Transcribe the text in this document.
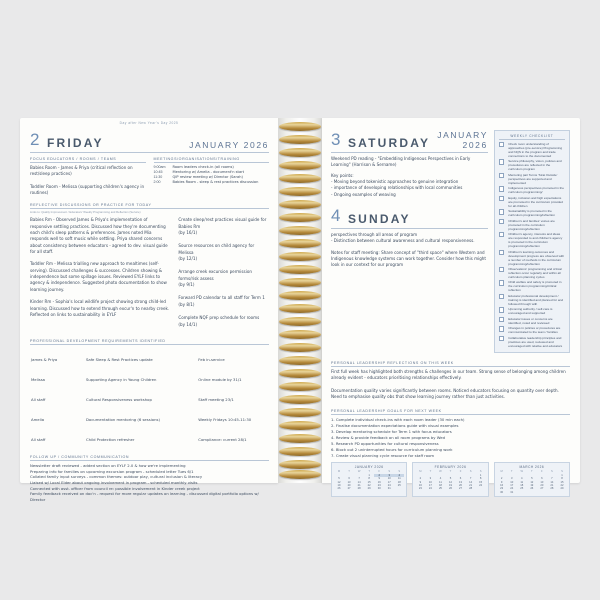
Day after New Year's Day 2025
2 FRIDAY	JANUARY 2026
FOCUS EDUCATORS / ROOMS / TEAMS
Babies Room - James & Priya (critical reflection on rest/sleep practices)
Toddler Room - Melissa (supporting children's agency in routines)
MEETINGS/ORGANISATIONS/TRAINING
9:00am	Room leaders check-in (all rooms)
10:45	Mentoring w/ Amelia - document'n start
11:30	QIP review meeting w/ Director (Sarah)
2:00	Babies Room - sleep & rest practices discussion
REFLECTIVE DISCUSSIONS OR PRACTICE FOR TODAY
Links to: Quality Improvement / Educators' Weekly Programming and Reflection (Service)
Babies Rm - Observed James & Priya's implementation of responsive settling practices. Discussed how they're documenting each child's sleep patterns & preferences. James noted Mia responds well to soft music while settling. Priya shared concerns about consistency between educators - agreed to dev. visual guide for all staff.
Toddler Rm - Melissa trialling new approach to mealtimes (self-serving). Discussed challenges & successes. Children showing & independence but some spillage issues. Reviewed EYLF links to agency & independence. Suggested photo documentation to show learning journey.
Kinder Rm - Sophia's local wildlife project showing strong child-led learning. Discussed how to extend through excur'n to nearby creek. Reflected on links to sustainability in EYLF
Create sleep/rest practices visual guide for Babies Rm
(by 16/1)
Source resources on child agency for Melissa
(by 12/1)
Arrange creek excursion permission forms/risk assess
(by 9/1)
Forward PD calendar to all staff for Term 1
(by 8/1)
Complete NQF prep schedule for rooms
(by 14/1)
PROFESSIONAL DEVELOPMENT REQUIREMENTS IDENTIFIED
James & Priya	Safe Sleep & Rest Practices update	Feb in-service
Melissa	Supporting Agency in Young Children	Online module by 31/1
All staff	Cultural Responsiveness workshop	Staff meeting 23/1
Amelia	Documentation mentoring (6 sessions)	Weekly Fridays 10:45-11:30
All staff	Child Protection refresher	Compliance: current 28/1
FOLLOW UP / COMMUNITY COMMUNICATION
Newsletter draft reviewed - added section on EYLF 2.0 & how we're implementing
Preparing info for families on upcoming excursion program - scheduled letter Tues 6/1
Collated family input surveys - common themes: outdoor play, cultural inclusion & literacy
Liaised w/ Local Elder about ongoing involvement in program - scheduled monthly visits
Connected with asst. officer from council re: possible involvement in Kinder creek project
Family feedback received on doc'n - request for more regular updates on learning - discussed digital portfolio options w/ Director
3 SATURDAY
JANUARY 2026
Weekend PD reading - "Embedding Indigenous Perspectives in Early Learning" (Harrison & Sername)
Key points:
- Moving beyond tokenistic approaches to genuine integration
- importance of developing relationships with local communities
- Ongoing examples of weaving
4 SUNDAY
perspectives through all areas of program
- Distinction between cultural awareness and cultural responsiveness.
Notes for staff meeting: Share concept of "third space" where Western and Indigenous knowledge systems can work together. Consider how this might look in our context for our program
WEEKLY CHECKLIST
Check room understanding of approaches (pre-service) Programming and NQS in the program and trade connections to the documented
Service philosophy, vision, policies and procedures are reflected in the curriculum program
Mentoring pair Terms 'Strat Outside' perspectives are supported and implemented
Indigenous perspectives promoted in the curriculum programming/
Equity, inclusion and high expectations are promoted in the curriculum provided for all children
Sustainability is promoted in the curriculum programming/reflection
Children's and families' voices are promoted in the curriculum programming/reflection
Children's agency, interests and ideas are responded to and children's agency is promoted in the curriculum programming/reflection
Children's learning outcomes and development progress are observed with a number of methods in the curriculum programming/reflection
Observations' programming and critical reflection occur regularly and within all curriculum planning cycles
Child welfare and safety is promoted in the curriculum programming/critical reflection
Educator professional development / training is identified and planned for and followed through with
Upcoming authority / self-care is encouraged and supported
Educator issues or concerns are identified, noted and reviewed
Changes in policies or procedures are communicated to the team / families
Collaborative leadership principles and practices are used, reviewed and encouraged with relative and educators
PERSONAL LEADERSHIP REFLECTIONS ON THIS WEEK
First full week has highlighted both strengths & challenges in our team. Strong sense of belonging among children already evident - educators prioritising relationships effectively.
Documentation quality varies significantly between rooms. Noticed educators focusing on quantity over depth. Need to emphasise quality obs that show learning journey rather than just activities.
PERSONAL LEADERSHIP GOALS FOR NEXT WEEK
1. Complete individual check-ins with each room leader (30 min each)
2. Finalise documentation expectations guide with visual examples
3. Develop mentoring schedule for Term 1 with focus educators
4. Review & provide feedback on all room programs by Wed
5. Research PD opportunities for cultural responsiveness
6. Block out 2 uninterrupted hours for curriculum planning work
7. Create visual planning cycle resource for staff room
JANUARY 2026
M	T	W	T	F	S	S
			1	2	3	4
5	6	7	8	9	10	11
12	13	14	15	16	17	18
19	20	21	22	23	24	25
26	27	28	29	30	31	
FEBRUARY 2026
M	T	W	T	F	S	S
						1
2	3	4	5	6	7	8
9	10	11	12	13	14	15
16	17	18	19	20	21	22
23	24	25	26	27	28	
MARCH 2026
M	T	W	T	F	S	S
						1
2	3	4	5	6	7	8
9	10	11	12	13	14	15
16	17	18	19	20	21	22
23	24	25	26	27	28	29
30	31					
